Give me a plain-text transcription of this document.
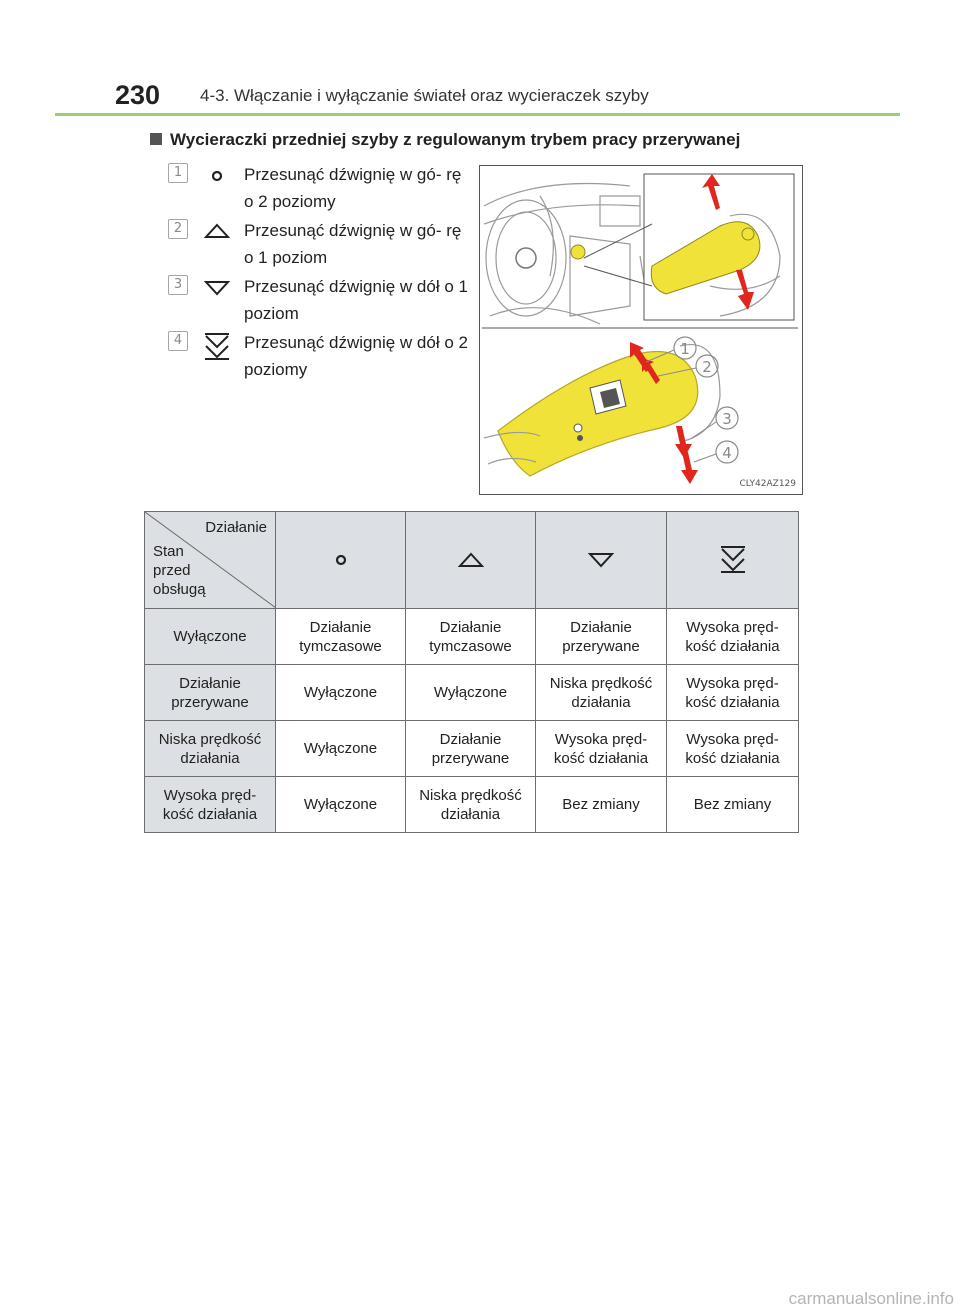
230 4-3. Włączanie i wyłączanie świateł oraz wycieraczek szyby
Wycieraczki przedniej szyby z regulowanym trybem pracy przerywanej
1	Przesunąć dźwignię w gó- rę o 2 poziomy
2	Przesunąć dźwignię w gó- rę o 1 poziom
3	Przesunąć dźwignię w dół o 1 poziom
4	Przesunąć dźwignię w dół o 2 poziomy
1
2
3
4
CLY42AZ129
Działanie
Stan
przed
obsługą

Wyłączone	Działanie tymczasowe	Działanie tymczasowe	Działanie przerywane	Wysoka pręd- kość działania
Działanie przerywane	Wyłączone	Wyłączone	Niska prędkość działania	Wysoka pręd- kość działania
Niska prędkość działania	Wyłączone	Działanie przerywane	Wysoka pręd- kość działania	Wysoka pręd- kość działania
Wysoka pręd- kość działania	Wyłączone	Niska prędkość działania	Bez zmiany	Bez zmiany
carmanualsonline.info
